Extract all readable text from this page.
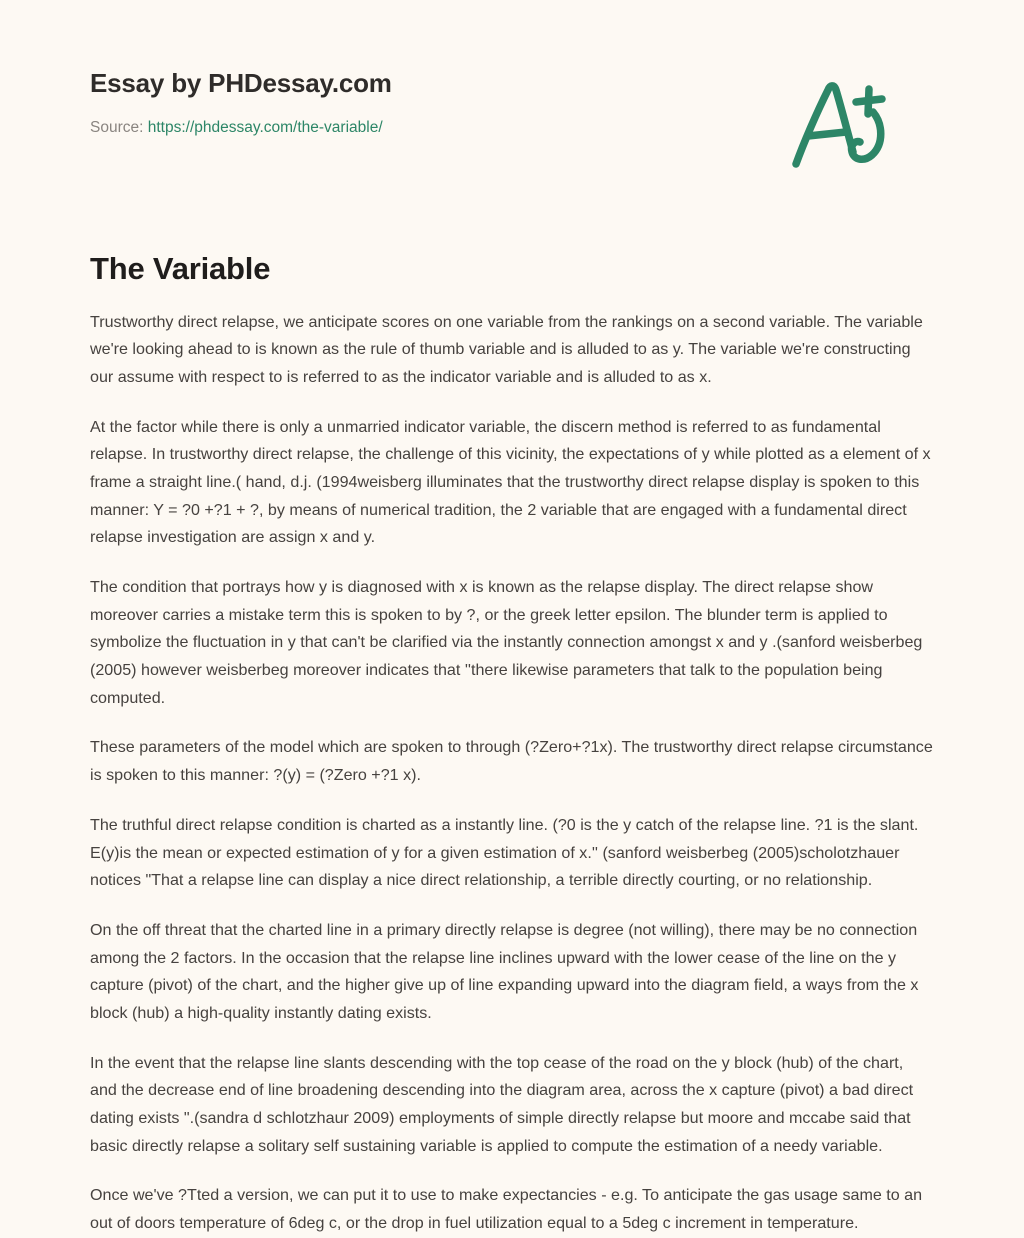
Essay by PHDessay.com
Source: https://phdessay.com/the-variable/
The Variable

Trustworthy direct relapse, we anticipate scores on one variable from the rankings on a second variable. The variable we're looking ahead to is known as the rule of thumb variable and is alluded to as y. The variable we're constructing our assume with respect to is referred to as the indicator variable and is alluded to as x.

At the factor while there is only a unmarried indicator variable, the discern method is referred to as fundamental relapse. In trustworthy direct relapse, the challenge of this vicinity, the expectations of y while plotted as a element of x frame a straight line.( hand, d.j. (1994weisberg illuminates that the trustworthy direct relapse display is spoken to this manner: Y = ?0 +?1 + ?, by means of numerical tradition, the 2 variable that are engaged with a fundamental direct relapse investigation are assign x and y.

The condition that portrays how y is diagnosed with x is known as the relapse display. The direct relapse show moreover carries a mistake term this is spoken to by ?, or the greek letter epsilon. The blunder term is applied to symbolize the fluctuation in y that can't be clarified via the instantly connection amongst x and y .(sanford weisberbeg (2005) however weisberbeg moreover indicates that ''there likewise parameters that talk to the population being computed.

These parameters of the model which are spoken to through (?Zero+?1x). The trustworthy direct relapse circumstance is spoken to this manner: ?(y) = (?Zero +?1 x).

The truthful direct relapse condition is charted as a instantly line. (?0 is the y catch of the relapse line. ?1 is the slant. E(y)is the mean or expected estimation of y for a given estimation of x.'' (sanford weisberbeg (2005)scholotzhauer notices "That a relapse line can display a nice direct relationship, a terrible directly courting, or no relationship.

On the off threat that the charted line in a primary directly relapse is degree (not willing), there may be no connection among the 2 factors. In the occasion that the relapse line inclines upward with the lower cease of the line on the y capture (pivot) of the chart, and the higher give up of line expanding upward into the diagram field, a ways from the x block (hub) a high-quality instantly dating exists.

In the event that the relapse line slants descending with the top cease of the road on the y block (hub) of the chart, and the decrease end of line broadening descending into the diagram area, across the x capture (pivot) a bad direct dating exists ".(sandra d schlotzhaur 2009) employments of simple directly relapse but moore and mccabe said that basic directly relapse a solitary self sustaining variable is applied to compute the estimation of a needy variable.

Once we've ?Tted a version, we can put it to use to make expectancies - e.g. To anticipate the gas usage same to an out of doors temperature of 6deg c, or the drop in fuel utilization equal to a 5deg c increment in temperature.
